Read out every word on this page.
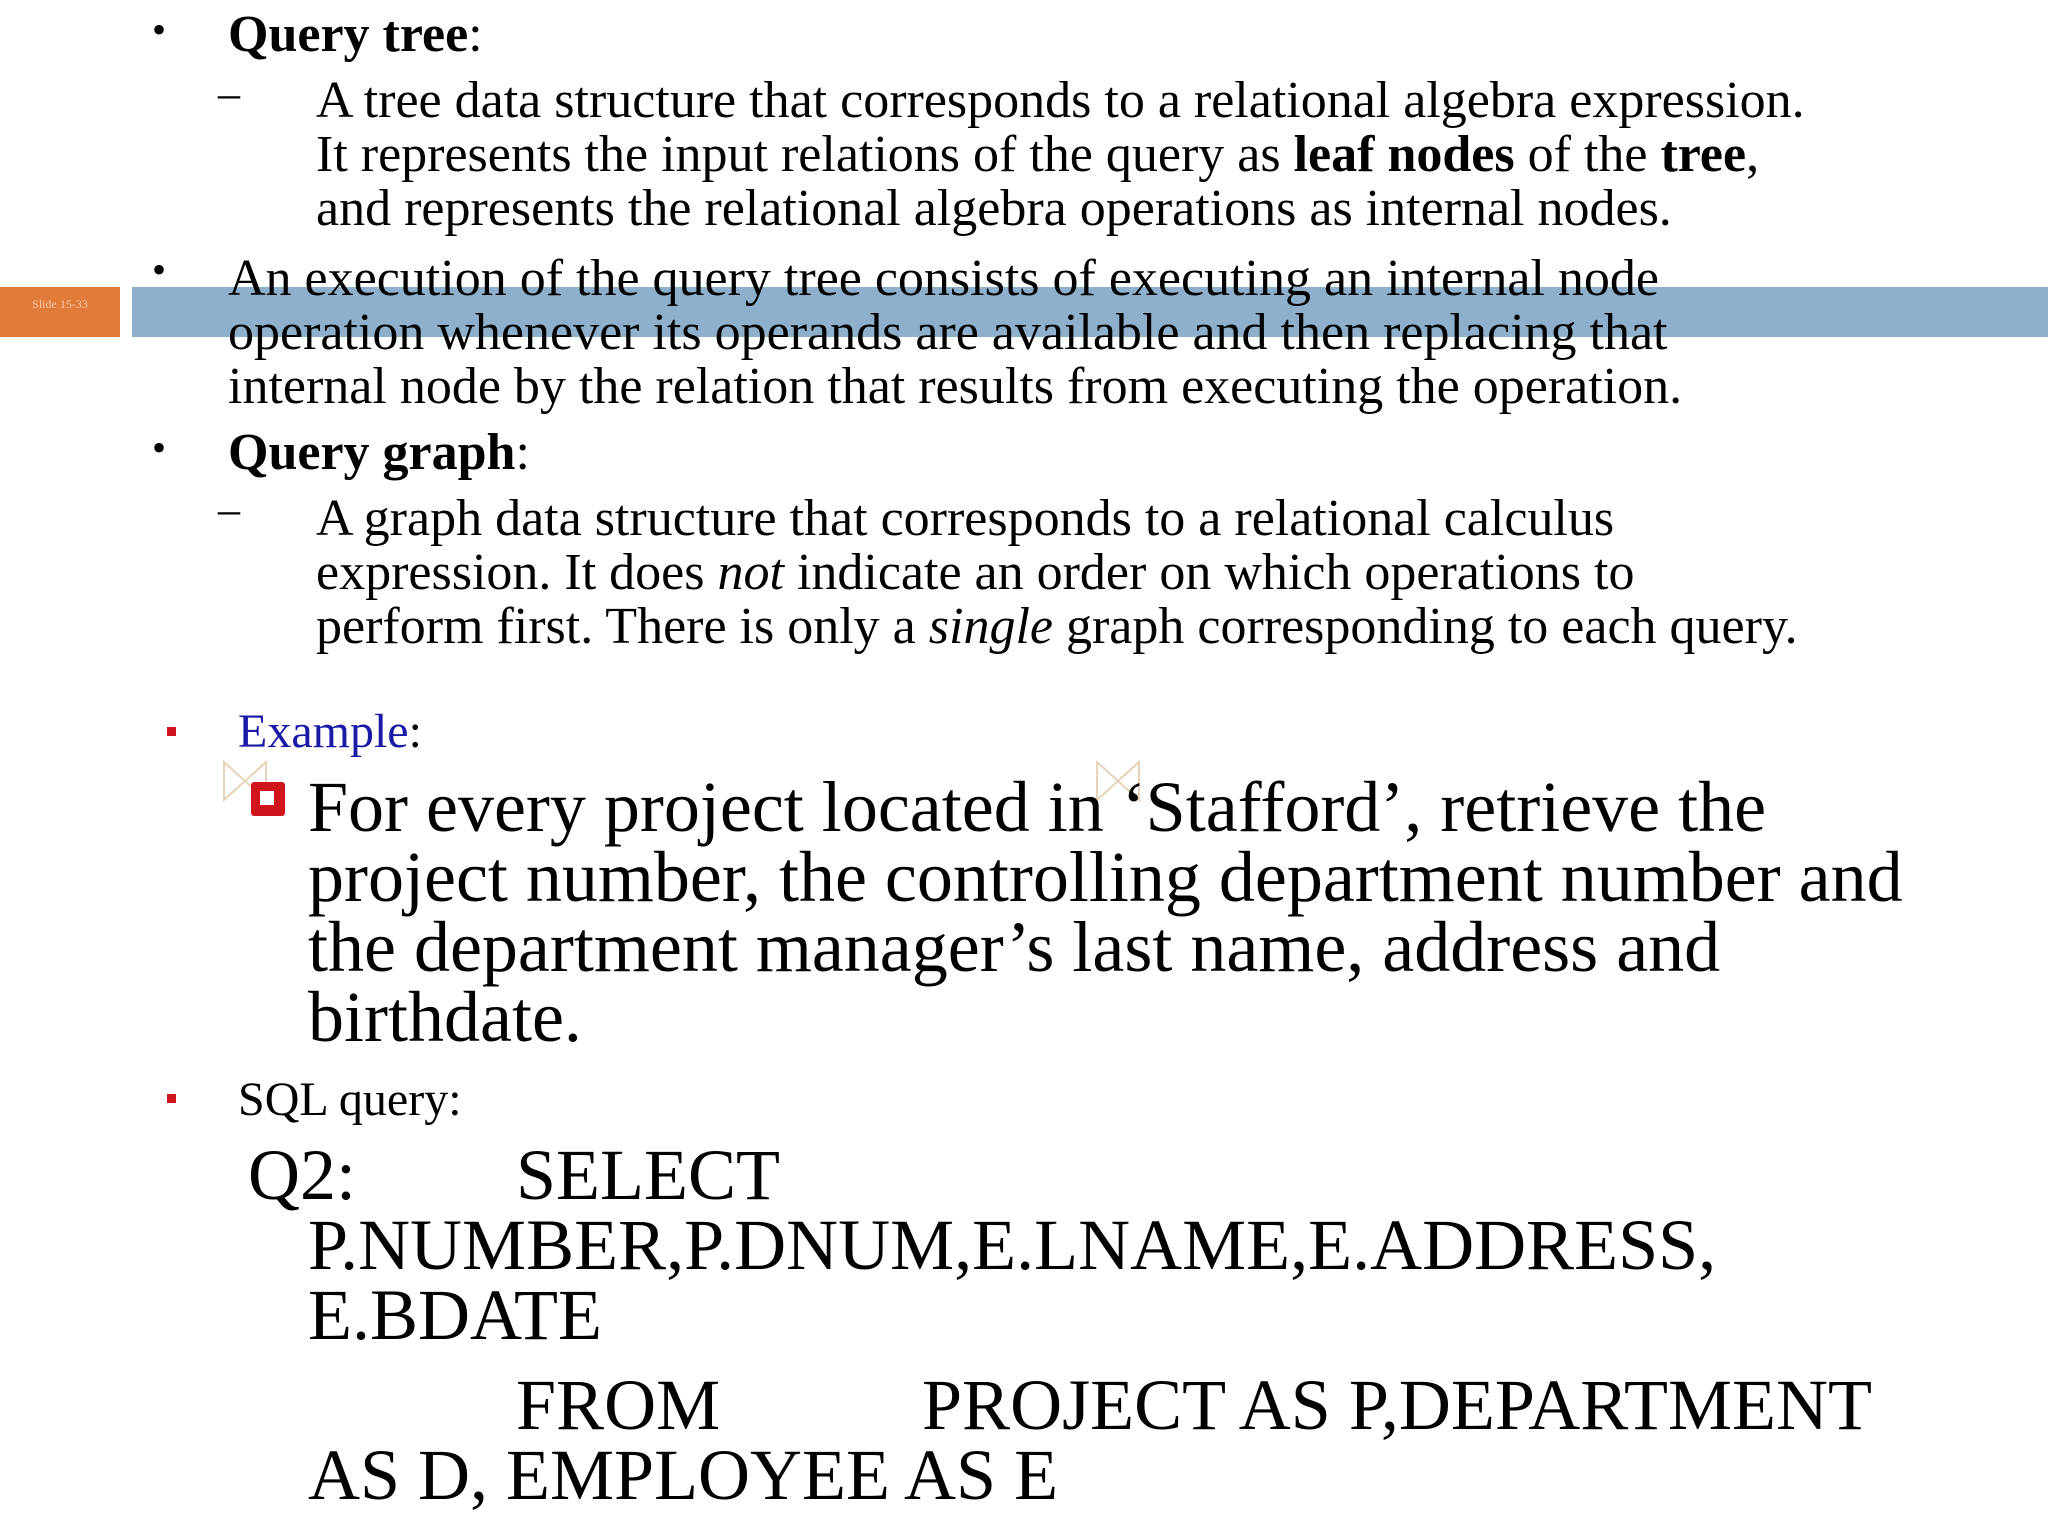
Slide 15-33
• Query tree:
– A tree data structure that corresponds to a relational algebra expression.
It represents the input relations of the query as leaf nodes of the tree,
and represents the relational algebra operations as internal nodes.
• An execution of the query tree consists of executing an internal node
operation whenever its operands are available and then replacing that
internal node by the relation that results from executing the operation.
• Query graph:
– A graph data structure that corresponds to a relational calculus
expression. It does not indicate an order on which operations to
perform first. There is only a single graph corresponding to each query.
Example:
For every project located in ‘Stafford’, retrieve the
project number, the controlling department number and
the department manager’s last name, address and
birthdate.
SQL query:
Q2: SELECT
P.NUMBER,P.DNUM,E.LNAME,E.ADDRESS,
E.BDATE
FROM	PROJECT AS P,DEPARTMENT
AS D, EMPLOYEE AS E
